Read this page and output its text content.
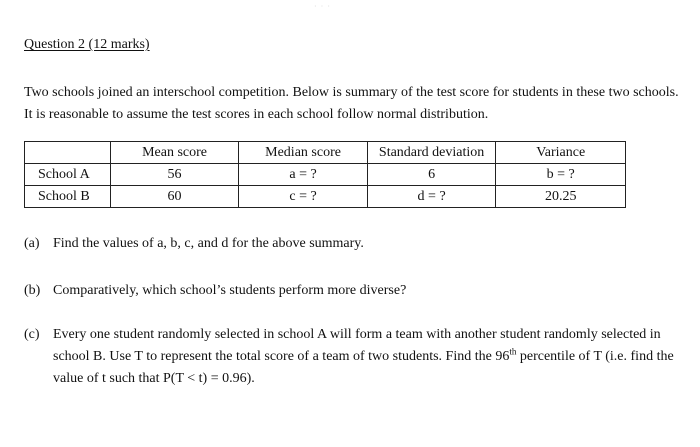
· · ·
Question 2 (12 marks)
Two schools joined an interschool competition. Below is summary of the test score for students in these two schools. It is reasonable to assume the test scores in each school follow normal distribution.
	Mean score	Median score	Standard deviation	Variance
School A	56	a = ?	6	b = ?
School B	60	c = ?	d = ?	20.25
(a) Find the values of a, b, c, and d for the above summary.
(b) Comparatively, which school’s students perform more diverse?
(c) Every one student randomly selected in school A will form a team with another student randomly selected in school B. Use T to represent the total score of a team of two students. Find the 96th percentile of T (i.e. find the value of t such that P(T < t) = 0.96).
